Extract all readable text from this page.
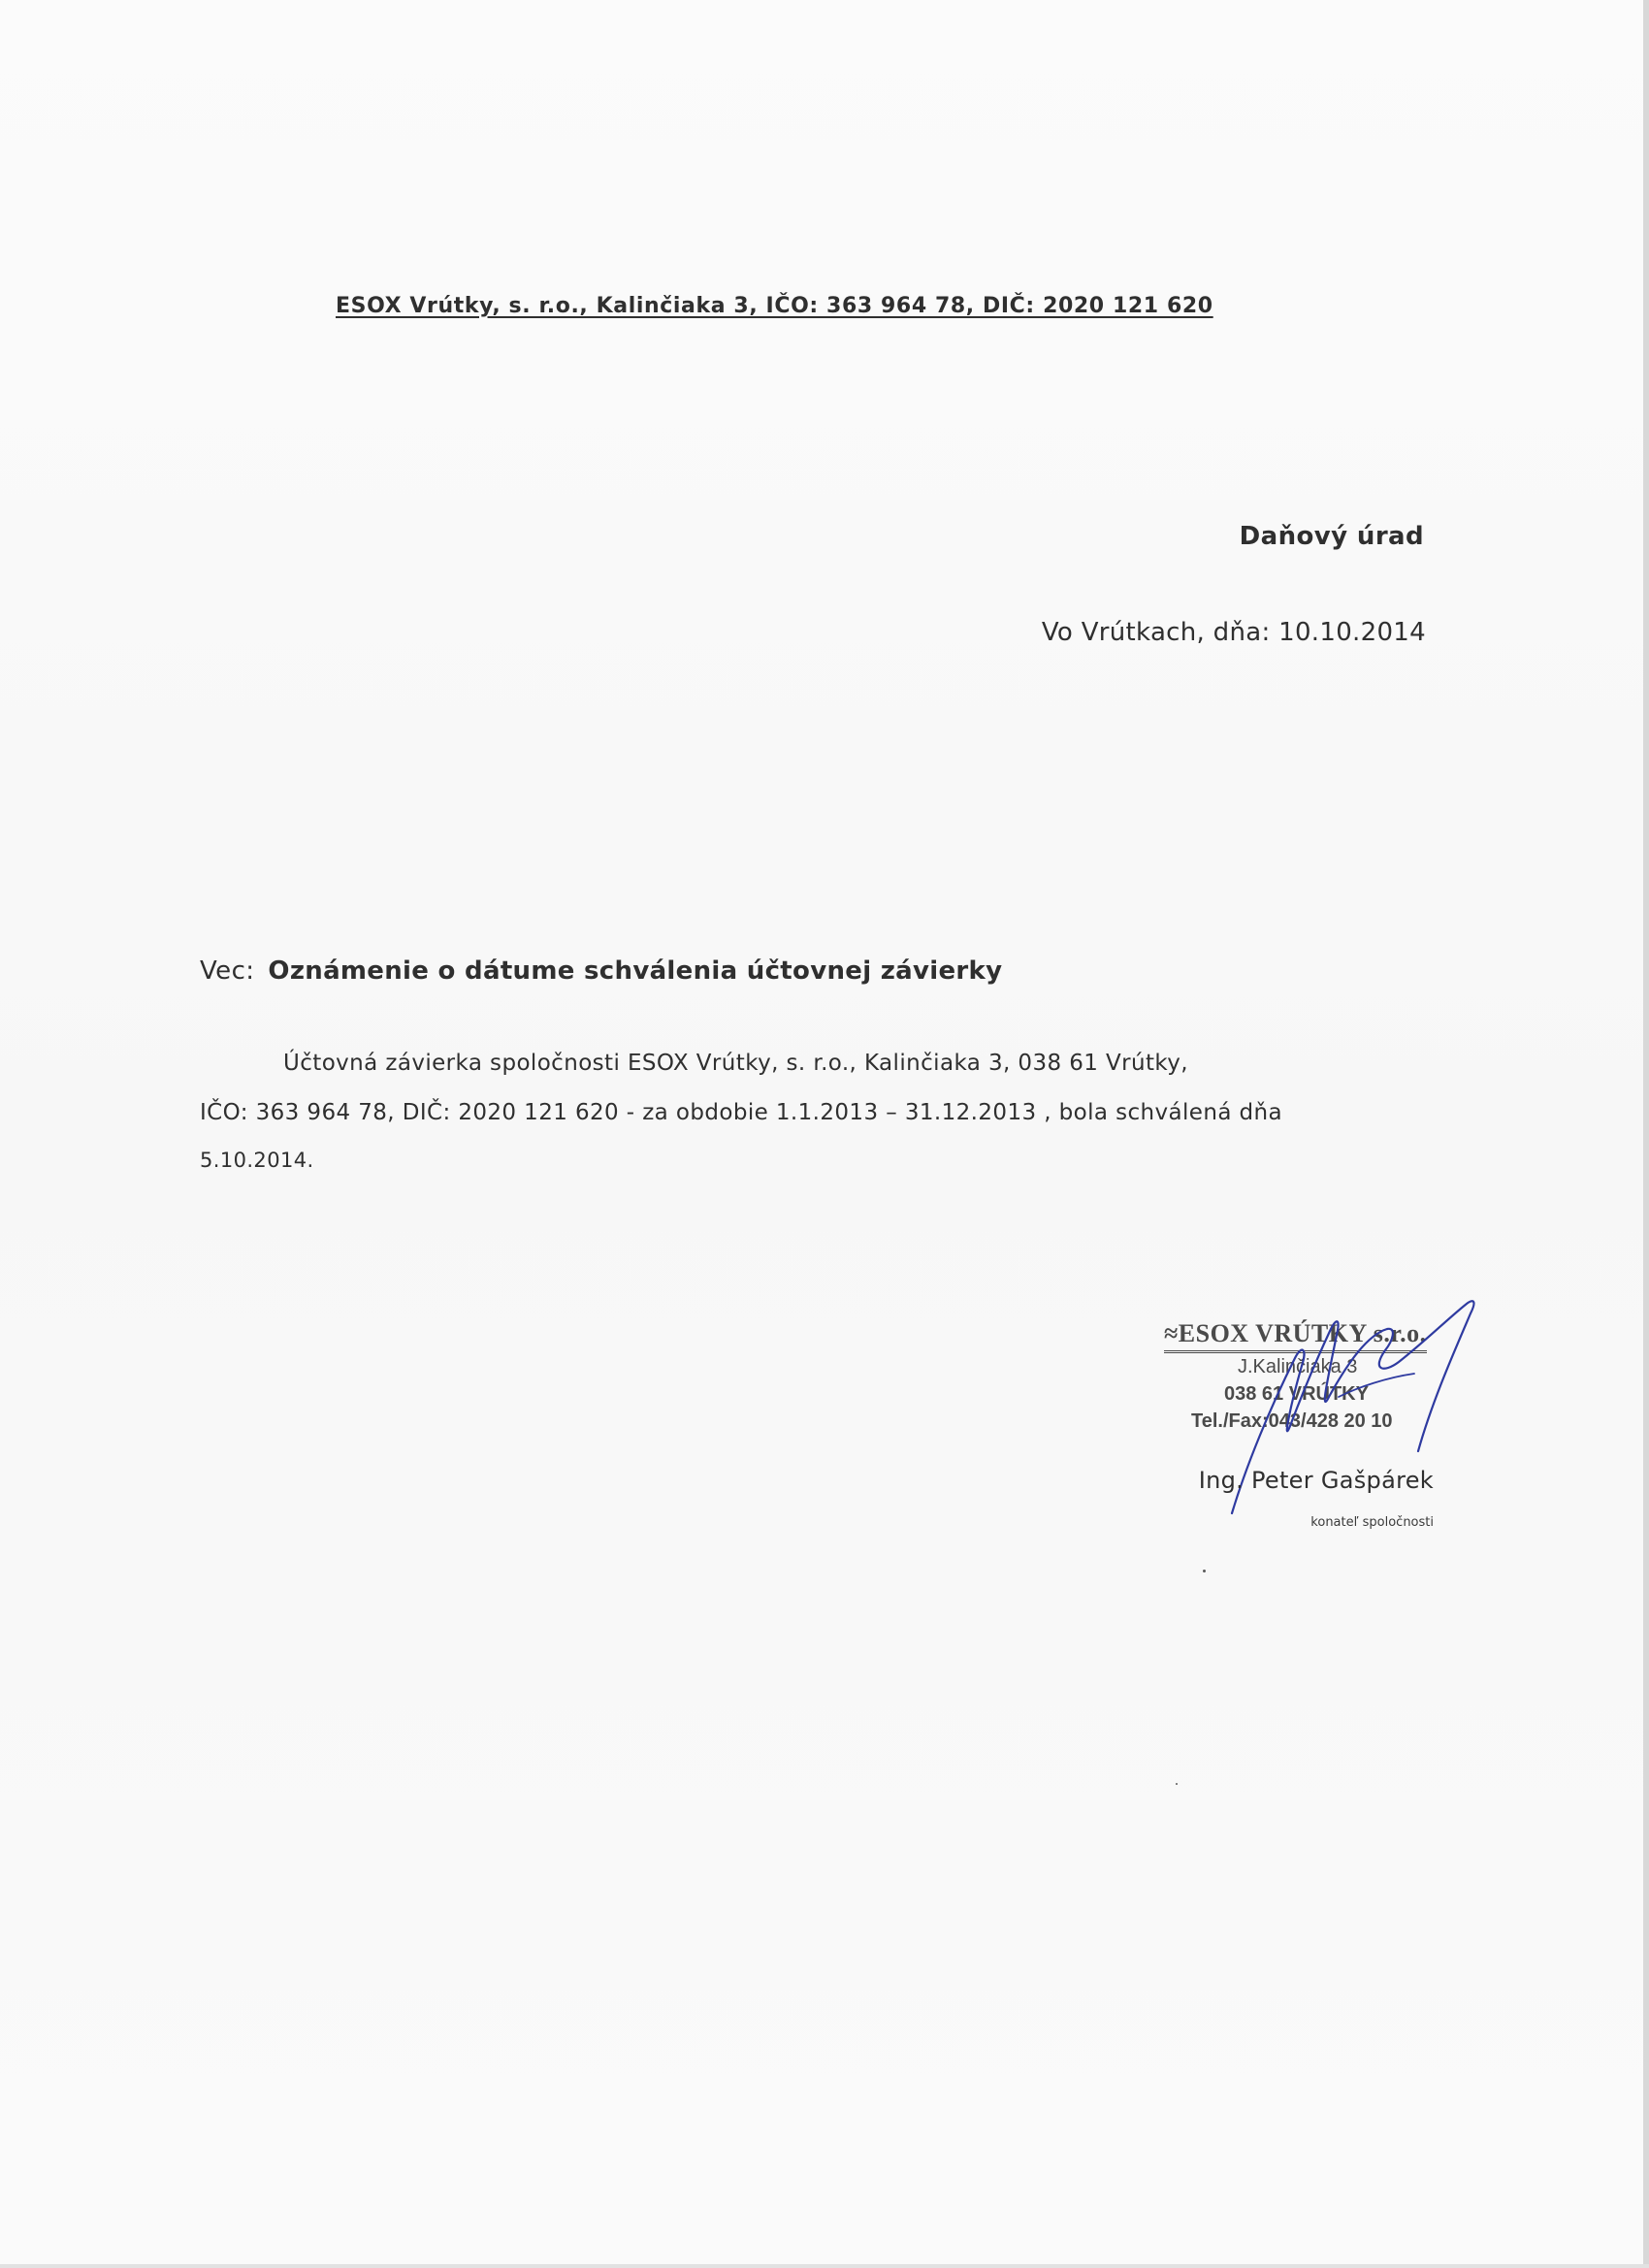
ESOX Vrútky, s. r.o., Kalinčiaka 3, IČO: 363 964 78, DIČ: 2020 121 620
Daňový úrad
Vo Vrútkach, dňa: 10.10.2014
Vec: Oznámenie o dátume schválenia účtovnej závierky
Účtovná závierka spoločnosti ESOX Vrútky, s. r.o., Kalinčiaka 3, 038 61 Vrútky,
IČO: 363 964 78, DIČ: 2020 121 620 - za obdobie 1.1.2013 – 31.12.2013 , bola schválená dňa
5.10.2014.
≈ESOX VRÚTKY s.r.o.
J.Kalinčiaka 3
038 61 VRÚTKY
Tel./Fax:043/428 20 10
Ing. Peter Gašpárek
konateľ spoločnosti
